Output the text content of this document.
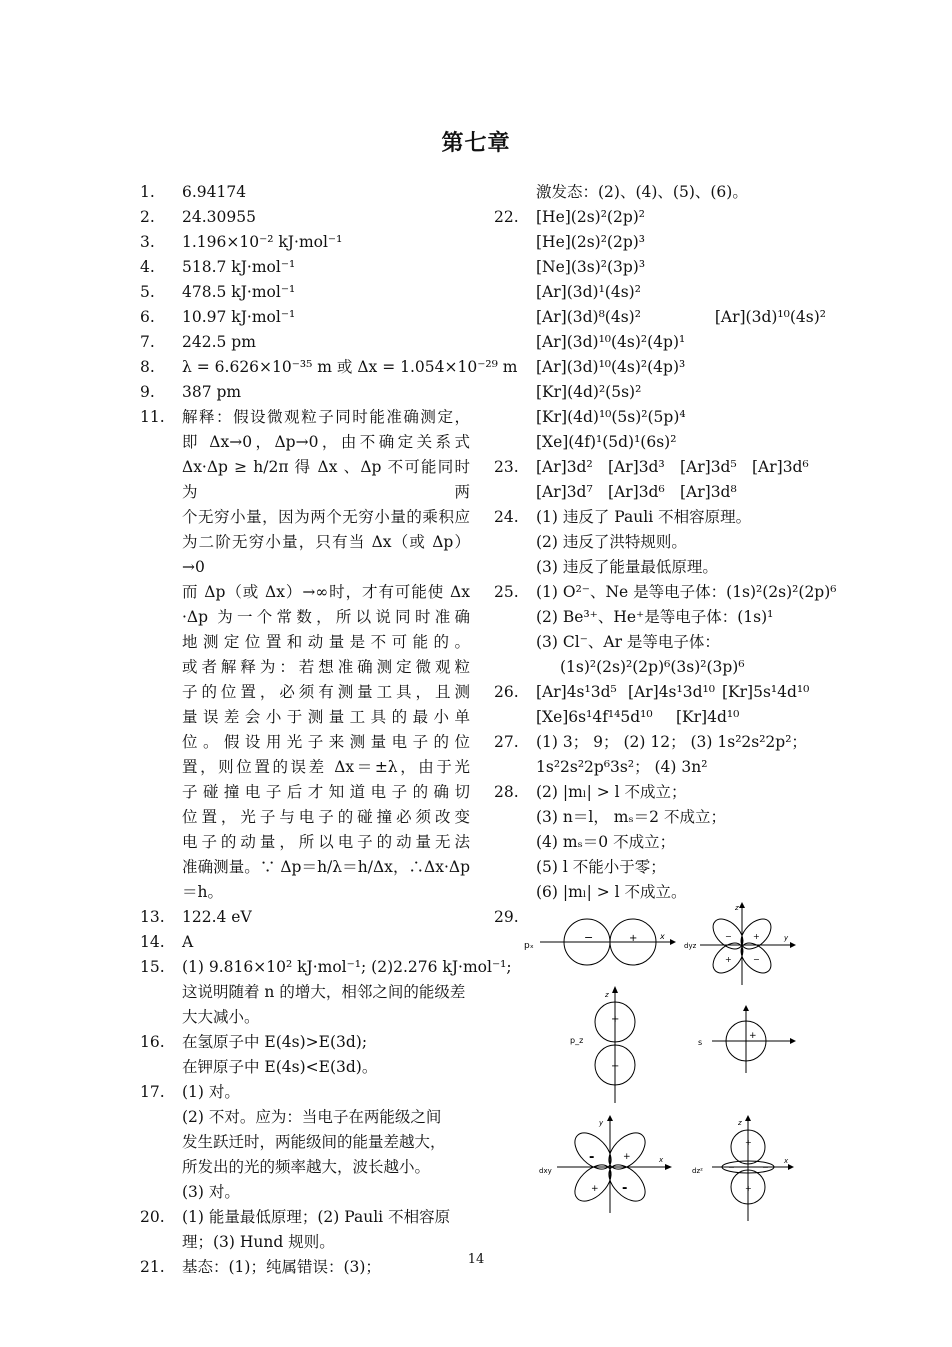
第七章
1.	6.94174
2.	24.30955
3.	1.196×10⁻² kJ·mol⁻¹
4.	518.7 kJ·mol⁻¹
5.	478.5 kJ·mol⁻¹
6.	10.97 kJ·mol⁻¹
7.	242.5 pm
8.	λ = 6.626×10⁻³⁵ m 或 Δx = 1.054×10⁻²⁹ m
9.	387 pm
11.	解释：假设微观粒子同时能准确测定，
即 Δx→0，Δp→0，由不确定关系式
Δx·Δp ≥ h/2π 得 Δx 、Δp 不可能同时为两
个无穷小量，因为两个无穷小量的乘积应
为二阶无穷小量，只有当 Δx（或 Δp）→0
而 Δp（或 Δx）→∞时，才有可能使 Δx
·Δp 为一个常数，所以说同时准确
地测定位置和动量是不可能的。
或者解释为：若想准确测定微观粒
子的位置，必须有测量工具，且测
量误差会小于测量工具的最小单
位。假设用光子来测量电子的位
置，则位置的误差 Δx＝±λ，由于光
子碰撞电子后才知道电子的确切
位置，光子与电子的碰撞必须改变
电子的动量，所以电子的动量无法
准确测量。∵ Δp＝h/λ＝h/Δx，∴Δx·Δp
＝h。
13.	122.4 eV
14.	A
15.	(1) 9.816×10² kJ·mol⁻¹; (2)2.276 kJ·mol⁻¹;
这说明随着 n 的增大，相邻之间的能级差
大大减小。
16.	在氢原子中 E(4s)>E(3d);
在钾原子中 E(4s)<E(3d)。
17.	(1) 对。
(2) 不对。应为：当电子在两能级之间
发生跃迁时，两能级间的能量差越大，
所发出的光的频率越大，波长越小。
(3) 对。
20.	(1) 能量最低原理；(2) Pauli 不相容原
理；(3) Hund 规则。
21.	基态：(1)；纯属错误：(3)；
激发态：(2)、(4)、(5)、(6)。
22.	[He](2s)²(2p)²
[He](2s)²(2p)³
[Ne](3s)²(3p)³
[Ar](3d)¹(4s)²
[Ar](3d)⁸(4s)²	[Ar](3d)¹⁰(4s)²
[Ar](3d)¹⁰(4s)²(4p)¹
[Ar](3d)¹⁰(4s)²(4p)³
[Kr](4d)²(5s)²
[Kr](4d)¹⁰(5s)²(5p)⁴
[Xe](4f)¹(5d)¹(6s)²
23.	[Ar]3d² [Ar]3d³ [Ar]3d⁵ [Ar]3d⁶
[Ar]3d⁷ [Ar]3d⁶ [Ar]3d⁸
24.	(1) 违反了 Pauli 不相容原理。
(2) 违反了洪特规则。
(3) 违反了能量最低原理。
25.	(1) O²⁻、Ne 是等电子体：(1s)²(2s)²(2p)⁶
(2) Be³⁺、He⁺是等电子体：(1s)¹
(3) Cl⁻、Ar 是等电子体：
(1s)²(2s)²(2p)⁶(3s)²(3p)⁶
26.	[Ar]4s¹3d⁵ [Ar]4s¹3d¹⁰ [Kr]5s¹4d¹⁰
[Xe]6s¹4f¹⁴5d¹⁰ [Kr]4d¹⁰
27.	(1) 3； 9； (2) 12； (3) 1s²2s²2p²；
1s²2s²2p⁶3s²； (4) 3n²
28.	(2) |mₗ| > l 不成立；
(3) n＝l， mₛ＝2 不成立；
(4) mₛ＝0 不成立；
(5) l 不能小于零；
(6) |mₗ| > l 不成立。
29.
pₓ
−	+	x
dyz
−	+
+	−
z
y
p_z
+
−
z
s
+
dxy
-	+
+ -
y
x
dz²
+
+
−	−
z
x
14
